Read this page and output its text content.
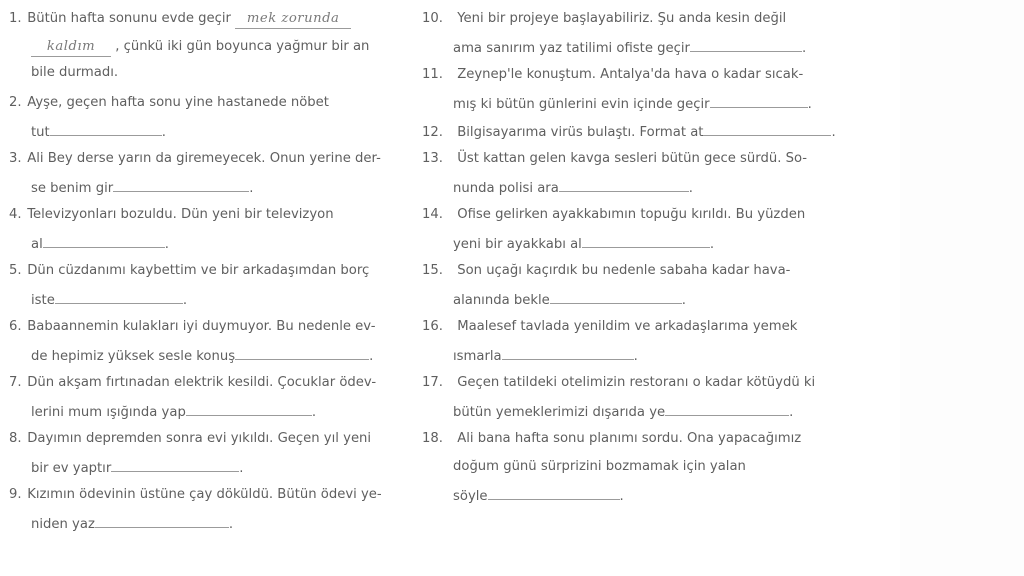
1. Bütün hafta sonunu evde geçir mek zorunda
kaldım , çünkü iki gün boyunca yağmur bir an
bile durmadı.
2. Ayşe, geçen hafta sonu yine hastanede nöbet
tut	.
3. Ali Bey derse yarın da giremeyecek. Onun yerine der-
se benim gir	.
4. Televizyonları bozuldu. Dün yeni bir televizyon
al	.
5. Dün cüzdanımı kaybettim ve bir arkadaşımdan borç
iste	.
6. Babaannemin kulakları iyi duymuyor. Bu nedenle ev-
de hepimiz yüksek sesle konuş	.
7. Dün akşam fırtınadan elektrik kesildi. Çocuklar ödev-
lerini mum ışığında yap	.
8. Dayımın depremden sonra evi yıkıldı. Geçen yıl yeni
bir ev yaptır	.
9. Kızımın ödevinin üstüne çay döküldü. Bütün ödevi ye-
niden yaz	.
10. Yeni bir projeye başlayabiliriz. Şu anda kesin değil
ama sanırım yaz tatilimi ofiste geçir	.
11. Zeynep'le konuştum. Antalya'da hava o kadar sıcak-
mış ki bütün günlerini evin içinde geçir	.
12. Bilgisayarıma virüs bulaştı. Format at	.
13. Üst kattan gelen kavga sesleri bütün gece sürdü. So-
nunda polisi ara	.
14. Ofise gelirken ayakkabımın topuğu kırıldı. Bu yüzden
yeni bir ayakkabı al	.
15. Son uçağı kaçırdık bu nedenle sabaha kadar hava-
alanında bekle	.
16. Maalesef tavlada yenildim ve arkadaşlarıma yemek
ısmarla	.
17. Geçen tatildeki otelimizin restoranı o kadar kötüydü ki
bütün yemeklerimizi dışarıda ye	.
18. Ali bana hafta sonu planımı sordu. Ona yapacağımız
doğum günü sürprizini bozmamak için yalan
söyle	.
